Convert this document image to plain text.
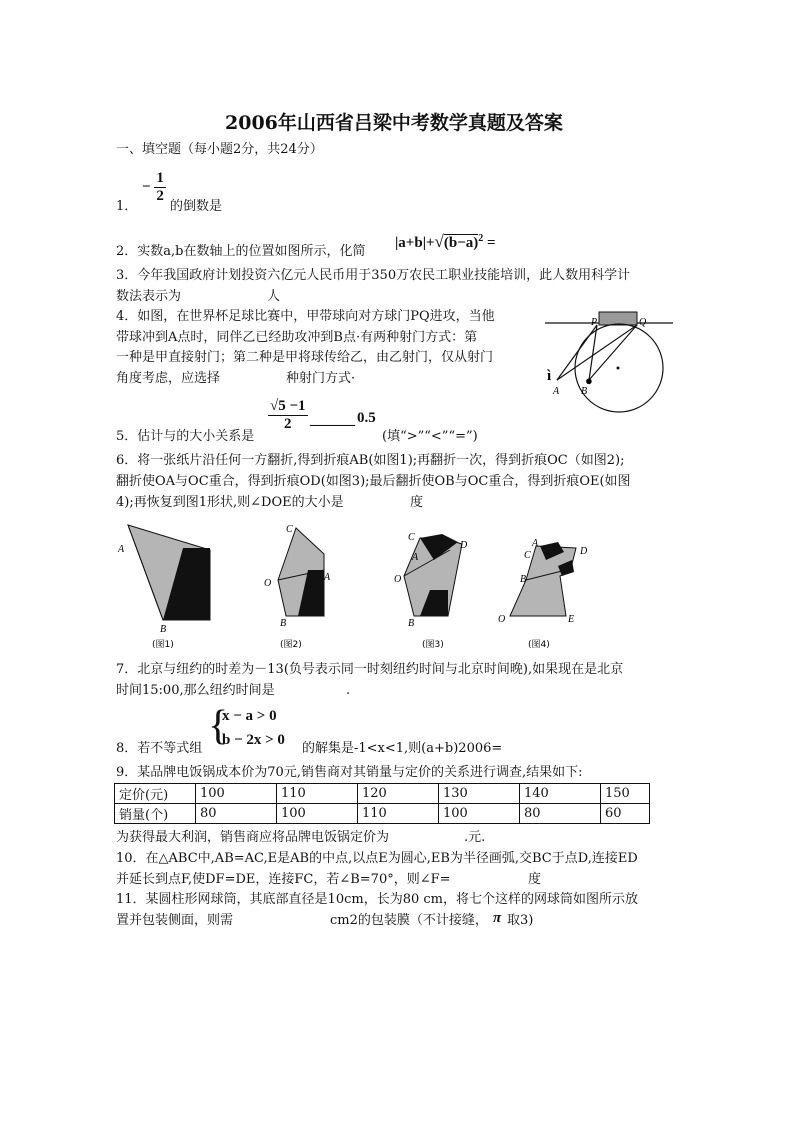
2006年山西省吕梁中考数学真题及答案
一、填空题（每小题2分，共24分）
1．
− $\frac{1}{2}$
的倒数是
2．实数a,b在数轴上的位置如图所示，化简
$|a+b|+√(b-a)^2$ =
3．今年我国政府计划投资六亿元人民币用于350万农民工职业技能培训，此人数用科学计
数法表示为	人
4．如图，在世界杯足球比赛中，甲带球向对方球门PQ进攻，当他
带球冲到A点时，同伴乙已经助攻冲到B点·有两种射门方式：第
一种是甲直接射门；第二种是甲将球传给乙，由乙射门，仅从射门
角度考虑，应选择	种射门方式·	ì	●
P	Q
A B
5．估计与的大小关系是
$\frac{√5 -1}{2}$ ______ 0.5
(填“>”“<”“=”)
6．将一张纸片沿任何一方翻折,得到折痕AB(如图1);再翻折一次，得到折痕OC（如图2);
翻折使OA与OC重合，得到折痕OD(如图3);最后翻折使OB与OC重合，得到折痕OE(如图
4);再恢复到图1形状,则∠DOE的大小是	度
A
B
(图1)
C
A
O
B
(图2)
C
A
D
O
B
(图3)
A
C	D
B
O	E
(图4)
7．北京与纽约的时差为－13(负号表示同一时刻纽约时间与北京时间晚),如果现在是北京
时间15:00,那么纽约时间是	.
8．若不等式组 {
x − a > 0
b − 2x > 0
的解集是-1<x<1,则(a+b)2006=
9．某品牌电饭锅成本价为70元,销售商对其销量与定价的关系进行调查,结果如下:
定价(元)	100	110	120	130	140	150
销量(个)	80	100	110	100	80	60
为获得最大利润，销售商应将品牌电饭锅定价为	.元.
10．在△ABC中,AB=AC,E是AB的中点,以点E为圆心,EB为半径画弧,交BC于点D,连接ED
并延长到点F,使DF=DE，连接FC，若∠B=70°，则∠F=	度
11．某圆柱形网球筒，其底部直径是10cm，长为80 cm，将七个这样的网球筒如图所示放
置并包装侧面，则需	cm2的包装膜（不计接缝， π 取3)
